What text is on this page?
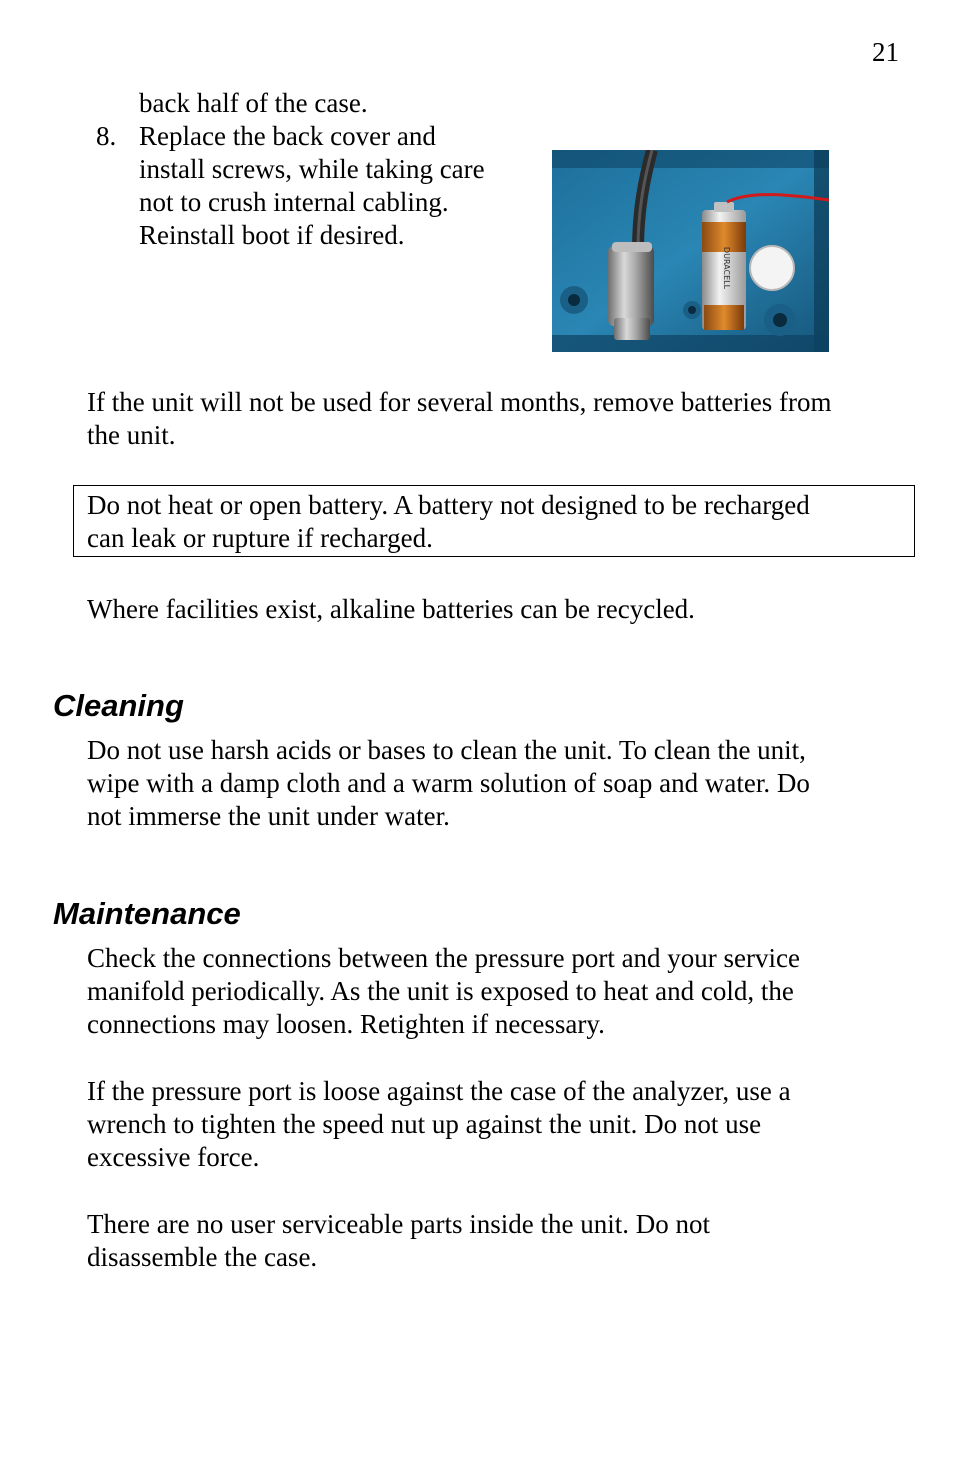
21
back half of the case.
8. Replace the back cover and
install screws, while taking care
not to crush internal cabling.
Reinstall boot if desired.
DURACELL
If the unit will not be used for several months, remove batteries from
the unit.
Do not heat or open battery. A battery not designed to be recharged
can leak or rupture if recharged.
Where facilities exist, alkaline batteries can be recycled.
Cleaning
Do not use harsh acids or bases to clean the unit. To clean the unit,
wipe with a damp cloth and a warm solution of soap and water. Do
not immerse the unit under water.
Maintenance
Check the connections between the pressure port and your service
manifold periodically. As the unit is exposed to heat and cold, the
connections may loosen. Retighten if necessary.
If the pressure port is loose against the case of the analyzer, use a
wrench to tighten the speed nut up against the unit. Do not use
excessive force.
There are no user serviceable parts inside the unit. Do not
disassemble the case.
